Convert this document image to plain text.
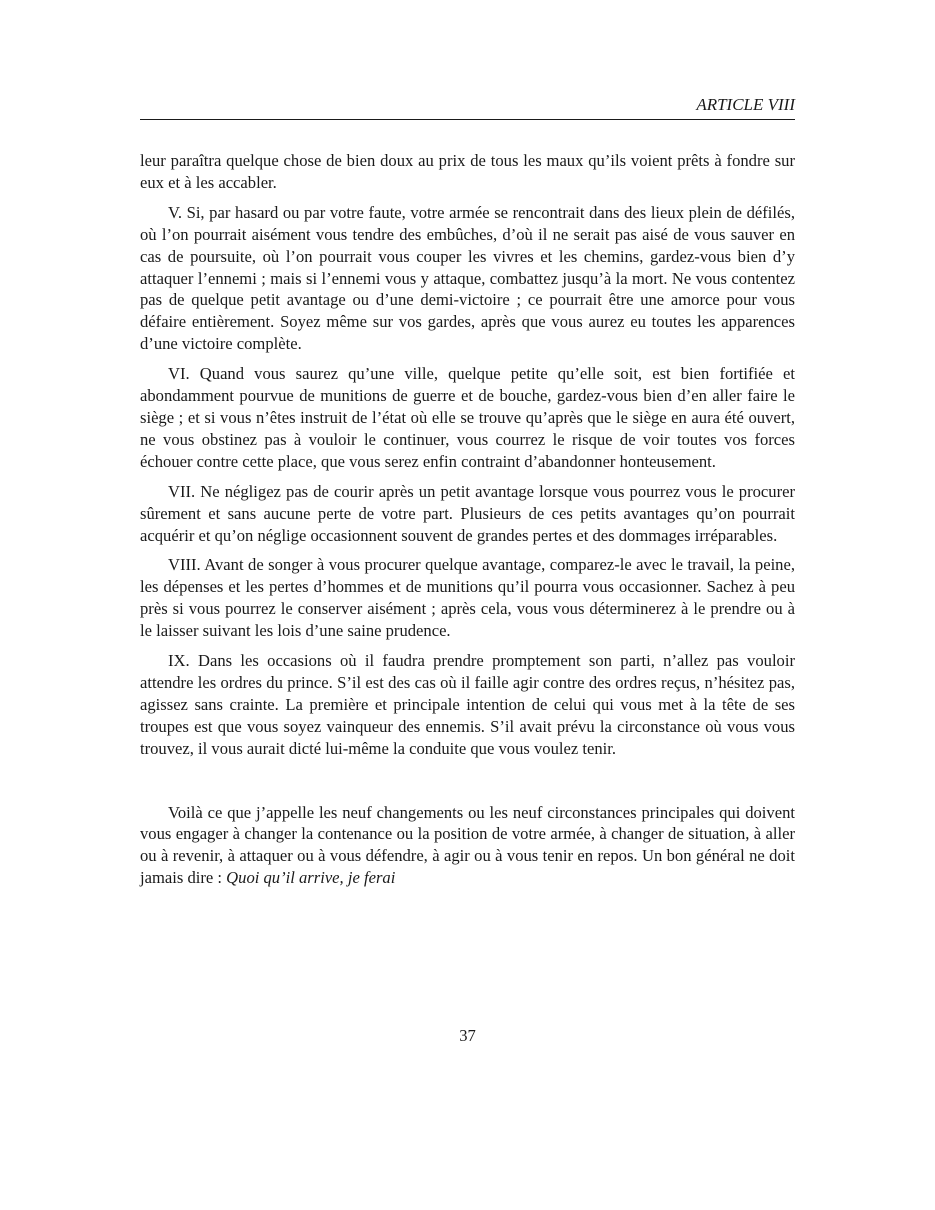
ARTICLE VIII

leur paraîtra quelque chose de bien doux au prix de tous les maux qu’ils voient prêts à fondre sur eux et à les accabler.

V. Si, par hasard ou par votre faute, votre armée se rencontrait dans des lieux plein de défilés, où l’on pourrait aisément vous tendre des embûches, d’où il ne serait pas aisé de vous sauver en cas de poursuite, où l’on pourrait vous couper les vivres et les chemins, gardez-vous bien d’y attaquer l’ennemi ; mais si l’ennemi vous y attaque, combattez jusqu’à la mort. Ne vous contentez pas de quelque petit avantage ou d’une demi-victoire ; ce pourrait être une amorce pour vous défaire entièrement. Soyez même sur vos gardes, après que vous aurez eu toutes les apparences d’une victoire complète.

VI. Quand vous saurez qu’une ville, quelque petite qu’elle soit, est bien fortifiée et abondamment pourvue de munitions de guerre et de bouche, gardez-vous bien d’en aller faire le siège ; et si vous n’êtes instruit de l’état où elle se trouve qu’après que le siège en aura été ouvert, ne vous obstinez pas à vouloir le continuer, vous courrez le risque de voir toutes vos forces échouer contre cette place, que vous serez enfin contraint d’abandonner honteusement.

VII. Ne négligez pas de courir après un petit avantage lorsque vous pourrez vous le procurer sûrement et sans aucune perte de votre part. Plusieurs de ces petits avantages qu’on pourrait acquérir et qu’on néglige occasionnent souvent de grandes pertes et des dommages irréparables.

VIII. Avant de songer à vous procurer quelque avantage, comparez-le avec le travail, la peine, les dépenses et les pertes d’hommes et de munitions qu’il pourra vous occasionner. Sachez à peu près si vous pourrez le conserver aisément ; après cela, vous vous déterminerez à le prendre ou à le laisser suivant les lois d’une saine prudence.

IX. Dans les occasions où il faudra prendre promptement son parti, n’allez pas vouloir attendre les ordres du prince. S’il est des cas où il faille agir contre des ordres reçus, n’hésitez pas, agissez sans crainte. La première et principale intention de celui qui vous met à la tête de ses troupes est que vous soyez vainqueur des ennemis. S’il avait prévu la circonstance où vous vous trouvez, il vous aurait dicté lui-même la conduite que vous voulez tenir.

Voilà ce que j’appelle les neuf changements ou les neuf circonstances principales qui doivent vous engager à changer la contenance ou la position de votre armée, à changer de situation, à aller ou à revenir, à attaquer ou à vous défendre, à agir ou à vous tenir en repos. Un bon général ne doit jamais dire : Quoi qu’il arrive, je ferai

37
